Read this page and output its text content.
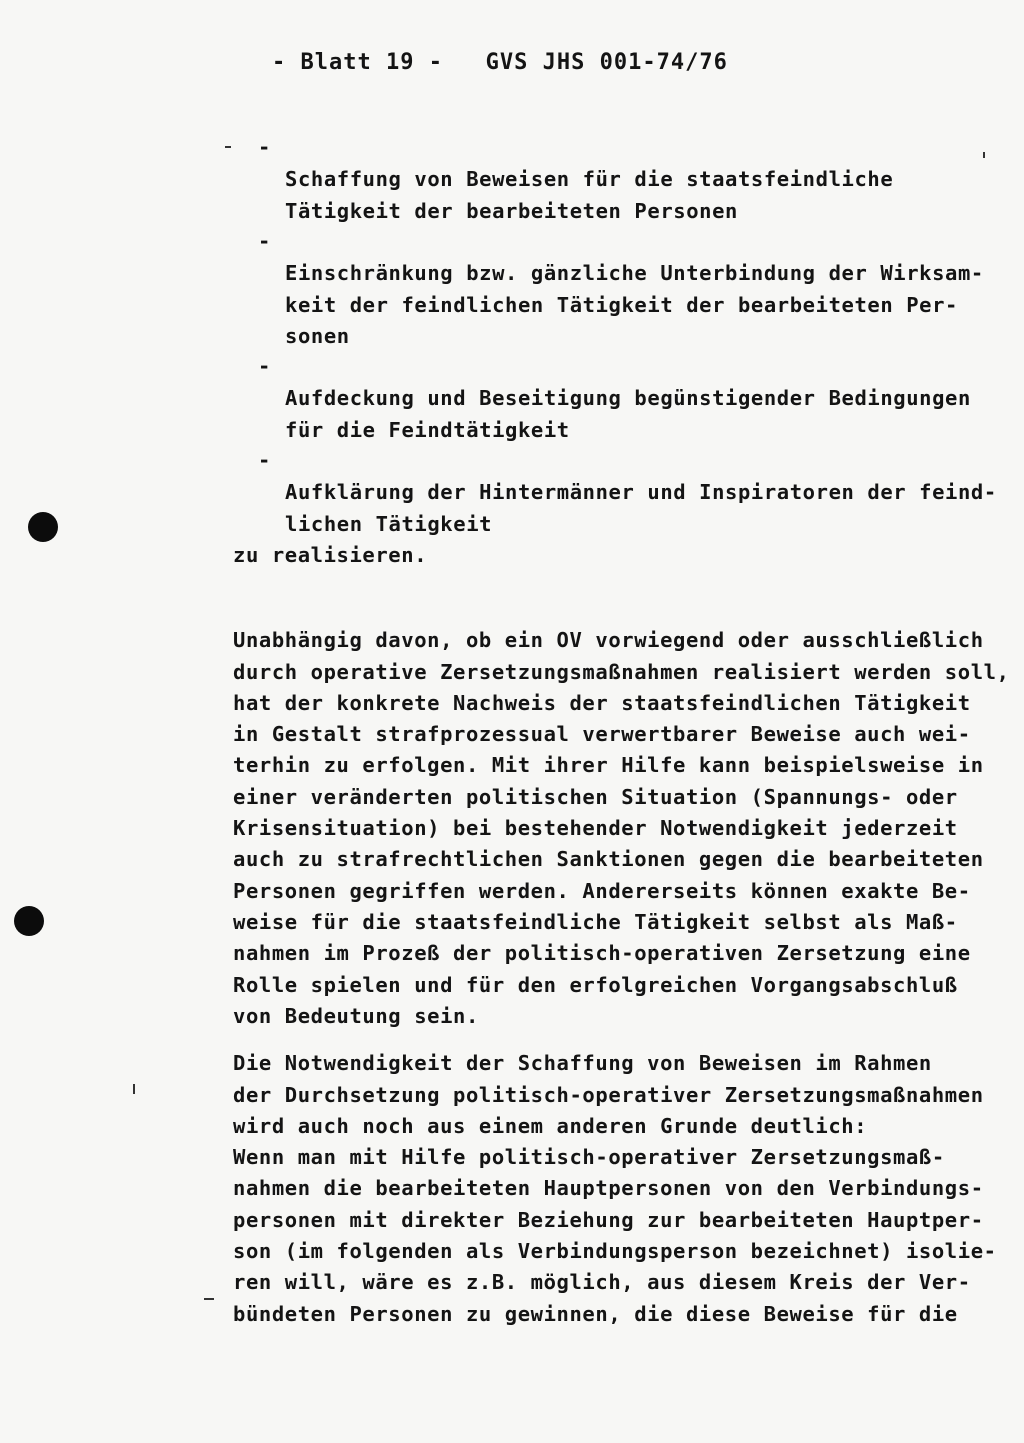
- Blatt 19 -   GVS JHS 001-74/76
-

Schaffung von Beweisen für die staatsfeindliche
Tätigkeit der bearbeiteten Personen
-

Einschränkung bzw. gänzliche Unterbindung der Wirksam-
keit der feindlichen Tätigkeit der bearbeiteten Per-
sonen
-

Aufdeckung und Beseitigung begünstigender Bedingungen
für die Feindtätigkeit
-

Aufklärung der Hintermänner und Inspiratoren der feind-
lichen Tätigkeit
zu realisieren.

Unabhängig davon, ob ein OV vorwiegend oder ausschließlich
durch operative Zersetzungsmaßnahmen realisiert werden soll,
hat der konkrete Nachweis der staatsfeindlichen Tätigkeit
in Gestalt strafprozessual verwertbarer Beweise auch wei-
terhin zu erfolgen. Mit ihrer Hilfe kann beispielsweise in
einer veränderten politischen Situation (Spannungs- oder
Krisensituation) bei bestehender Notwendigkeit jederzeit
auch zu strafrechtlichen Sanktionen gegen die bearbeiteten
Personen gegriffen werden. Andererseits können exakte Be-
weise für die staatsfeindliche Tätigkeit selbst als Maß-
nahmen im Prozeß der politisch-operativen Zersetzung eine
Rolle spielen und für den erfolgreichen Vorgangsabschluß
von Bedeutung sein.

Die Notwendigkeit der Schaffung von Beweisen im Rahmen
der Durchsetzung politisch-operativer Zersetzungsmaßnahmen
wird auch noch aus einem anderen Grunde deutlich:
Wenn man mit Hilfe politisch-operativer Zersetzungsmaß-
nahmen die bearbeiteten Hauptpersonen von den Verbindungs-
personen mit direkter Beziehung zur bearbeiteten Hauptper-
son (im folgenden als Verbindungsperson bezeichnet) isolie-
ren will, wäre es z.B. möglich, aus diesem Kreis der Ver-
bündeten Personen zu gewinnen, die diese Beweise für die
